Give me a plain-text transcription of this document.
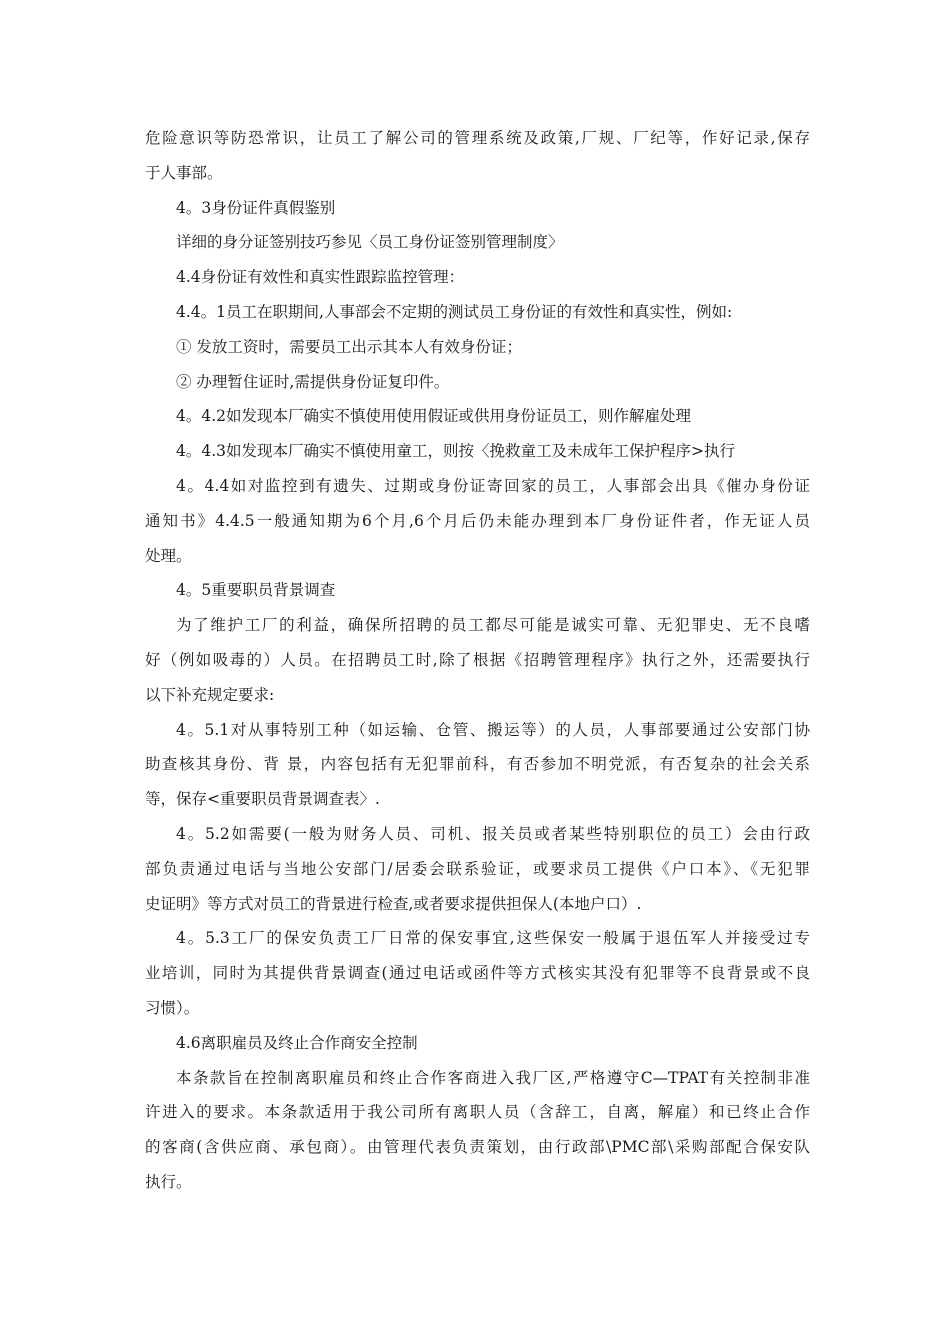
危险意识等防恐常识，让员工了解公司的管理系统及政策,厂规、厂纪等，作好记录,保存
于人事部。
4。3身份证件真假鉴别
详细的身分证签别技巧参见〈员工身份证签别管理制度〉
4.4身份证有效性和真实性跟踪监控管理：
4.4。1员工在职期间,人事部会不定期的测试员工身份证的有效性和真实性，例如:
① 发放工资时，需要员工出示其本人有效身份证；
② 办理暂住证时,需提供身份证复印件。
4。4.2如发现本厂确实不慎使用使用假证或供用身份证员工，则作解雇处理
4。4.3如发现本厂确实不慎使用童工，则按〈挽救童工及未成年工保护程序>执行
4。4.4如对监控到有遗失、过期或身份证寄回家的员工，人事部会出具《催办身份证
通知书》4.4.5一般通知期为6个月,6个月后仍未能办理到本厂身份证件者，作无证人员
处理。
4。5重要职员背景调查
为了维护工厂的利益，确保所招聘的员工都尽可能是诚实可靠、无犯罪史、无不良嗜
好（例如吸毒的）人员。在招聘员工时,除了根据《招聘管理程序》执行之外，还需要执行
以下补充规定要求:
4。5.1对从事特别工种（如运输、仓管、搬运等）的人员，人事部要通过公安部门协
助查核其身份、背 景，内容包括有无犯罪前科，有否参加不明党派，有否复杂的社会关系
等，保存<重要职员背景调查表〉.
4。5.2如需要(一般为财务人员、司机、报关员或者某些特别职位的员工）会由行政
部负责通过电话与当地公安部门/居委会联系验证，或要求员工提供《户口本》、《无犯罪
史证明》等方式对员工的背景进行检查,或者要求提供担保人(本地户口）.
4。5.3工厂的保安负责工厂日常的保安事宜,这些保安一般属于退伍军人并接受过专
业培训，同时为其提供背景调查(通过电话或函件等方式核实其没有犯罪等不良背景或不良
习惯）。
4.6离职雇员及终止合作商安全控制
本条款旨在控制离职雇员和终止合作客商进入我厂区,严格遵守C—TPAT有关控制非准
许进入的要求。本条款适用于我公司所有离职人员（含辞工，自离，解雇）和已终止合作
的客商(含供应商、承包商）。由管理代表负责策划，由行政部\PMC部\采购部配合保安队
执行。
